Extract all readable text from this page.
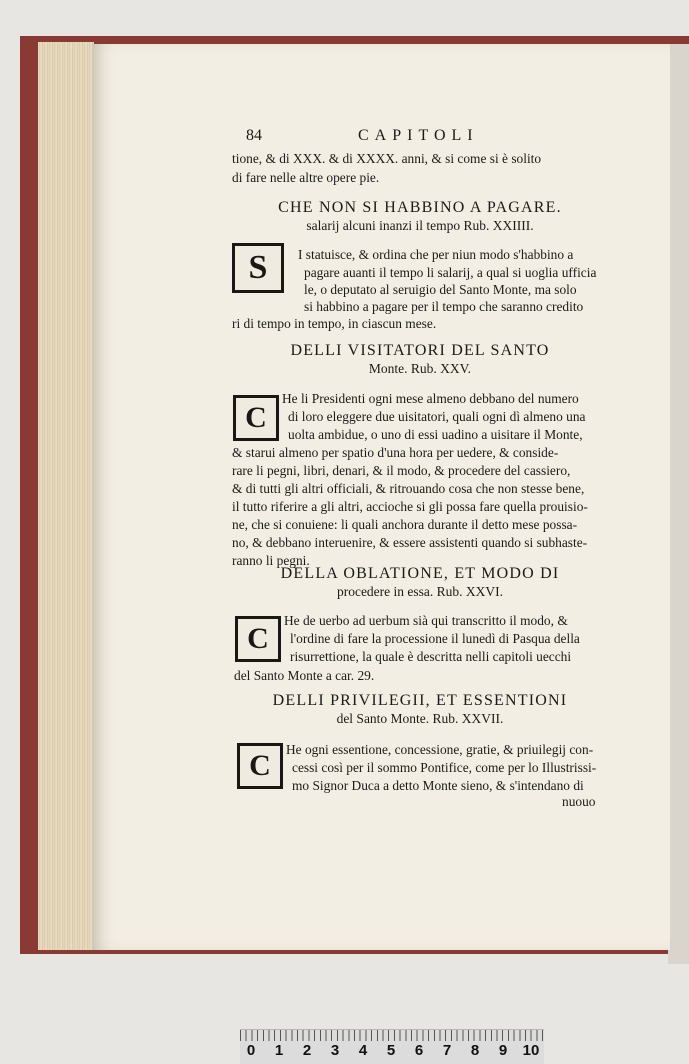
84	CAPITOLI
tione, & di XXX. & di XXXX. anni, & si come si è solito
di fare nelle altre opere pie.
CHE NON SI HABBINO A PAGARE.
salarij alcuni inanzi il tempo Rub. XXIIII.
S	I statuisce, & ordina che per niun modo s'habbino a
pagare auanti il tempo li salarij, a qual si uoglia ufficia
le, o deputato al seruigio del Santo Monte, ma solo
si habbino a pagare per il tempo che saranno credito
ri di tempo in tempo, in ciascun mese.
DELLI VISITATORI DEL SANTO
Monte. Rub. XXV.
C
He li Presidenti ogni mese almeno debbano del numero
di loro eleggere due uisitatori, quali ogni dì almeno una
uolta ambidue, o uno di essi uadino a uisitare il Monte,
& starui almeno per spatio d'una hora per uedere, & conside-
rare li pegni, libri, denari, & il modo, & procedere del cassiero,
& di tutti gli altri officiali, & ritrouando cosa che non stesse bene,
il tutto riferire a gli altri, accioche si gli possa fare quella prouisio-
ne, che si conuiene: li quali anchora durante il detto mese possa-
no, & debbano interuenire, & essere assistenti quando si subhaste-
ranno li pegni.
DELLA OBLATIONE, ET MODO DI
procedere in essa. Rub. XXVI.
C
He de uerbo ad uerbum sià qui transcritto il modo, &
l'ordine di fare la processione il lunedì di Pasqua della
risurrettione, la quale è descritta nelli capitoli uecchi
del Santo Monte a car. 29.
DELLI PRIVILEGII, ET ESSENTIONI
del Santo Monte. Rub. XXVII.
C	He ogni essentione, concessione, gratie, & priuilegij con-
cessi così per il sommo Pontifice, come per lo Illustrissi-
mo Signor Duca a detto Monte sieno, & s'intendano di
nuouo
0 1 2 3 4 5 6 7 8 9 10
